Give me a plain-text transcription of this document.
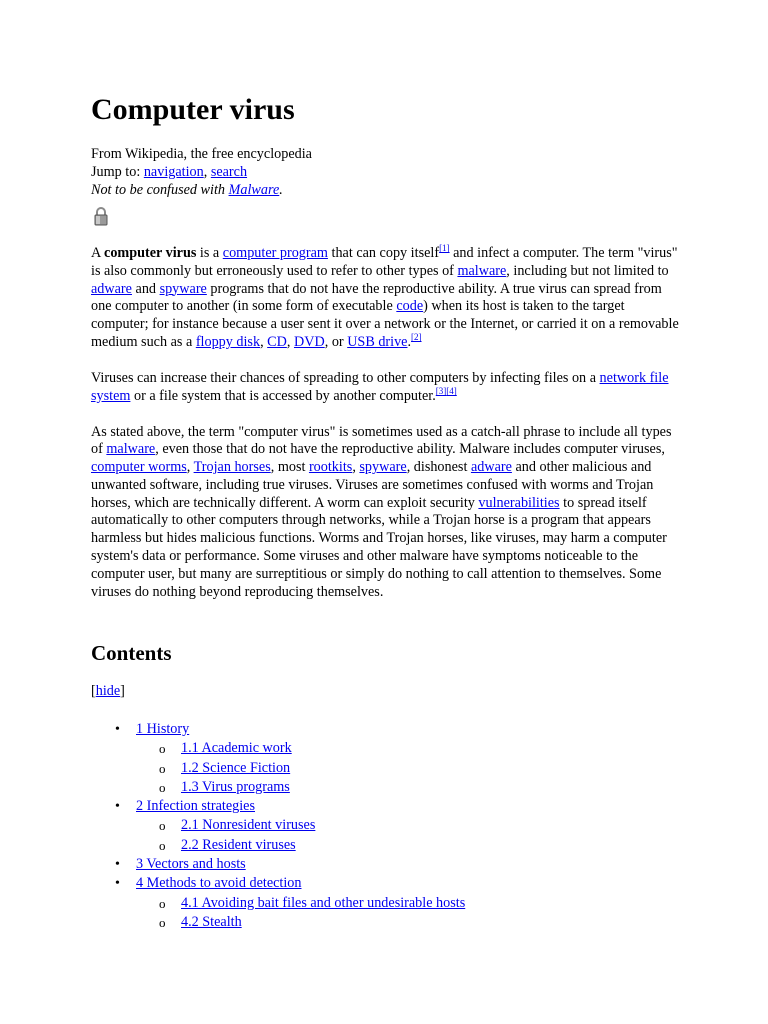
Computer virus
From Wikipedia, the free encyclopedia
Jump to: navigation, search
Not to be confused with Malware.

A computer virus is a computer program that can copy itself[1] and infect a computer. The term "virus" is also commonly but erroneously used to refer to other types of malware, including but not limited to adware and spyware programs that do not have the reproductive ability. A true virus can spread from one computer to another (in some form of executable code) when its host is taken to the target computer; for instance because a user sent it over a network or the Internet, or carried it on a removable medium such as a floppy disk, CD, DVD, or USB drive.[2]

Viruses can increase their chances of spreading to other computers by infecting files on a network file system or a file system that is accessed by another computer.[3][4]

As stated above, the term "computer virus" is sometimes used as a catch-all phrase to include all types of malware, even those that do not have the reproductive ability. Malware includes computer viruses, computer worms, Trojan horses, most rootkits, spyware, dishonest adware and other malicious and unwanted software, including true viruses. Viruses are sometimes confused with worms and Trojan horses, which are technically different. A worm can exploit security vulnerabilities to spread itself automatically to other computers through networks, while a Trojan horse is a program that appears harmless but hides malicious functions. Worms and Trojan horses, like viruses, may harm a computer system's data or performance. Some viruses and other malware have symptoms noticeable to the computer user, but many are surreptitious or simply do nothing to call attention to themselves. Some viruses do nothing beyond reproducing themselves.

Contents
[hide]
• 1 History
o 1.1 Academic work
o 1.2 Science Fiction
o 1.3 Virus programs
• 2 Infection strategies
o 2.1 Nonresident viruses
o 2.2 Resident viruses
• 3 Vectors and hosts
• 4 Methods to avoid detection
o 4.1 Avoiding bait files and other undesirable hosts
o 4.2 Stealth
